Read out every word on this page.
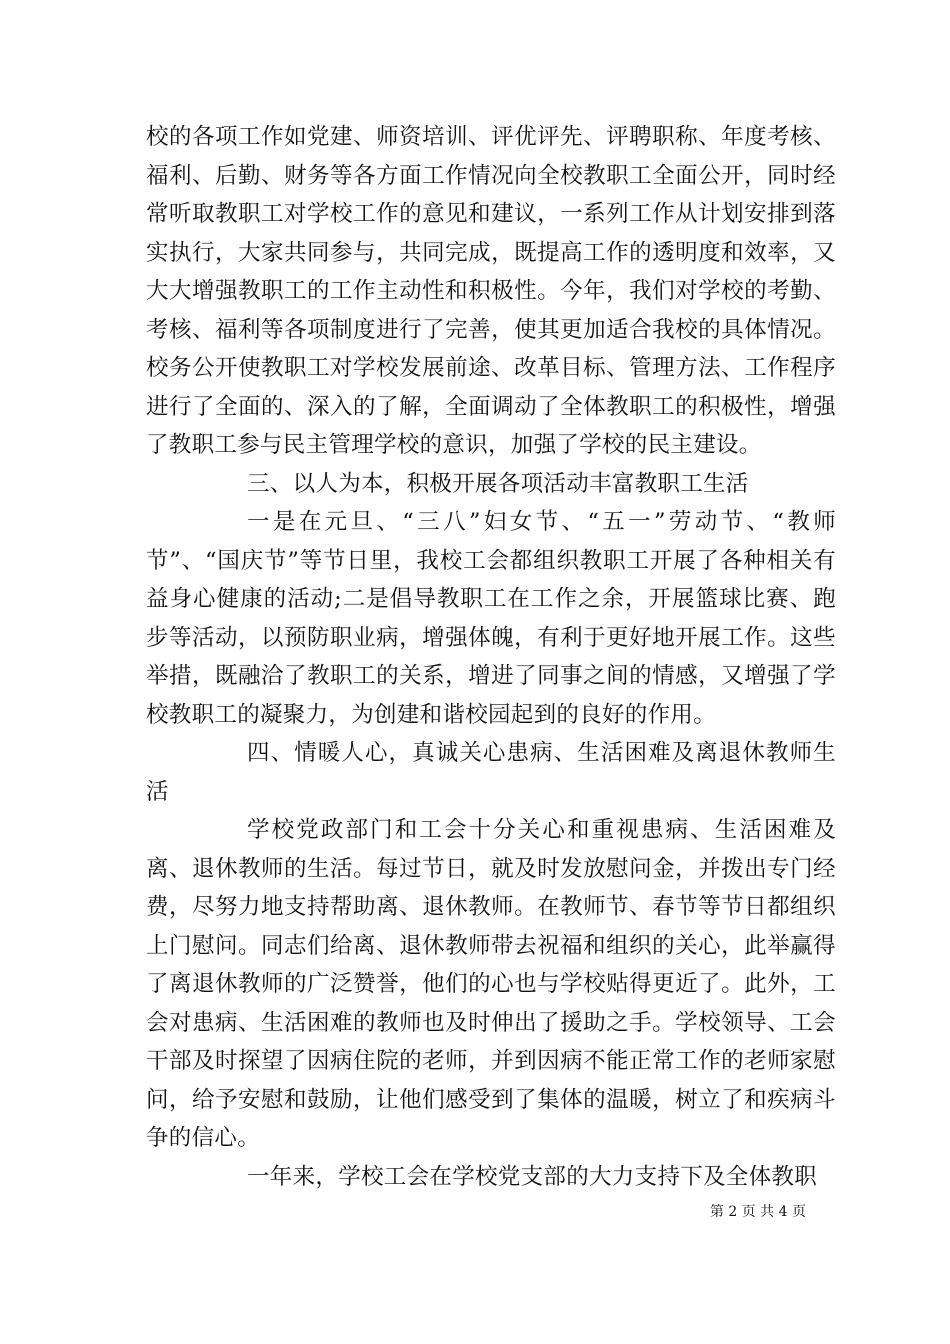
校的各项工作如党建、师资培训、评优评先、评聘职称、年度考核、福利、后勤、财务等各方面工作情况向全校教职工全面公开，同时经常听取教职工对学校工作的意见和建议，一系列工作从计划安排到落实执行，大家共同参与，共同完成，既提高工作的透明度和效率，又大大增强教职工的工作主动性和积极性。今年，我们对学校的考勤、考核、福利等各项制度进行了完善，使其更加适合我校的具体情况。校务公开使教职工对学校发展前途、改革目标、管理方法、工作程序进行了全面的、深入的了解，全面调动了全体教职工的积极性，增强了教职工参与民主管理学校的意识，加强了学校的民主建设。

三、以人为本，积极开展各项活动丰富教职工生活

一是在元旦、“三八”妇女节、“五一”劳动节、“教师节”、“国庆节”等节日里，我校工会都组织教职工开展了各种相关有益身心健康的活动;二是倡导教职工在工作之余，开展篮球比赛、跑步等活动，以预防职业病，增强体魄，有利于更好地开展工作。这些举措，既融洽了教职工的关系，增进了同事之间的情感，又增强了学校教职工的凝聚力，为创建和谐校园起到的良好的作用。

四、情暖人心，真诚关心患病、生活困难及离退休教师生活

学校党政部门和工会十分关心和重视患病、生活困难及离、退休教师的生活。每过节日，就及时发放慰问金，并拨出专门经费，尽努力地支持帮助离、退休教师。在教师节、春节等节日都组织上门慰问。同志们给离、退休教师带去祝福和组织的关心，此举赢得了离退休教师的广泛赞誉，他们的心也与学校贴得更近了。此外，工会对患病、生活困难的教师也及时伸出了援助之手。学校领导、工会干部及时探望了因病住院的老师，并到因病不能正常工作的老师家慰问，给予安慰和鼓励，让他们感受到了集体的温暖，树立了和疾病斗争的信心。

一年来，学校工会在学校党支部的大力支持下及全体教职

第 2 页 共 4 页
